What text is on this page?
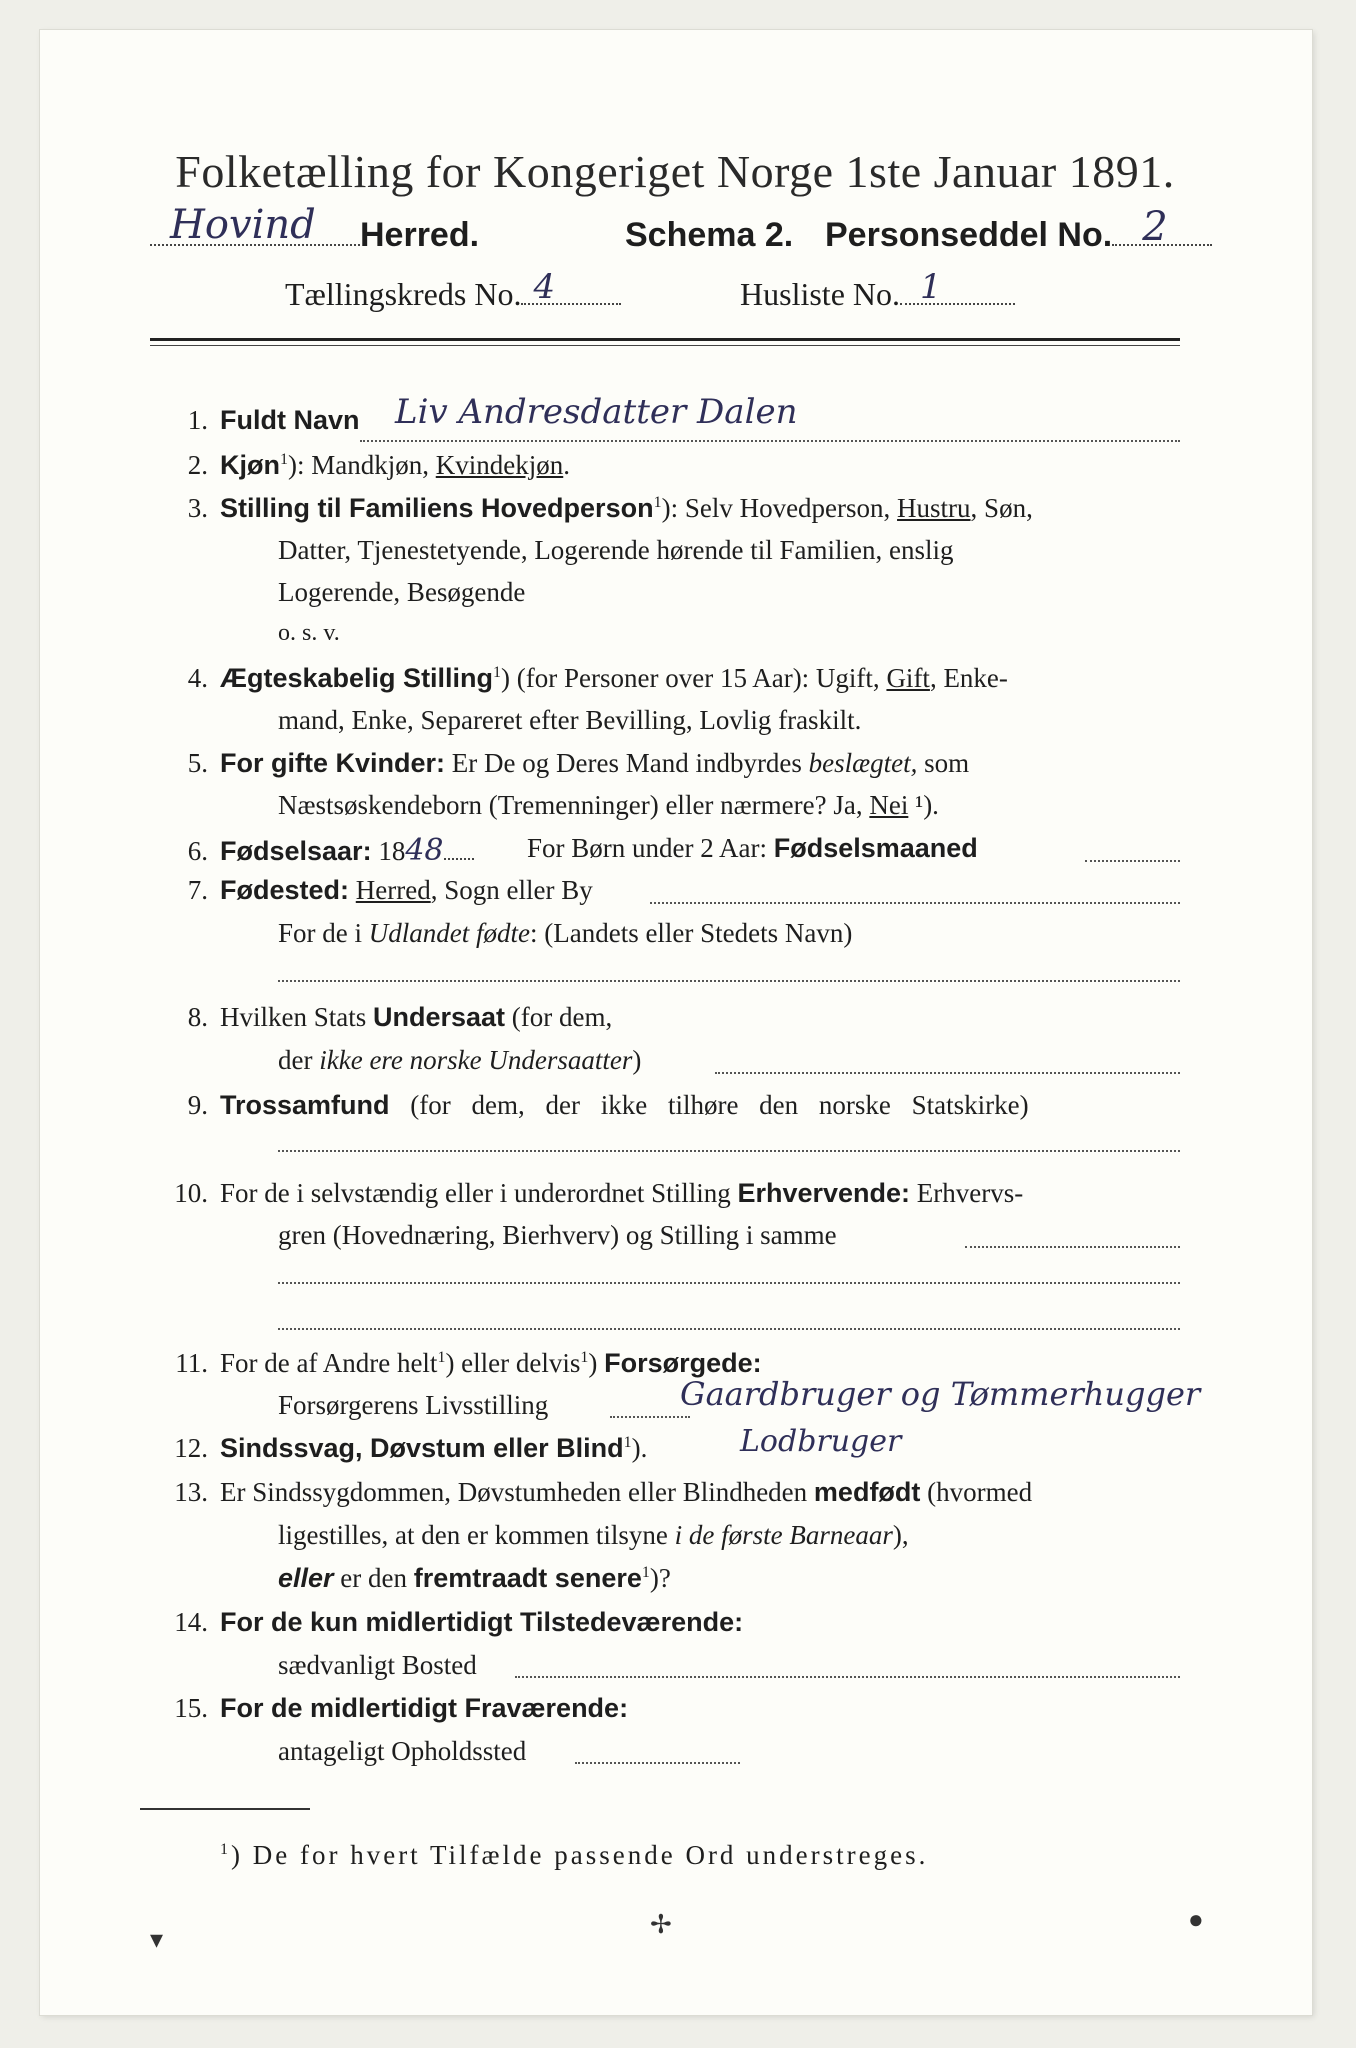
Folketælling for Kongeriget Norge 1ste Januar 1891.
Hovind Herred.	Schema 2. Personseddel No. 2
Tællingskreds No. 4	Husliste No. 1
1. Fuldt Navn Liv Andresdatter Dalen
2. Kjøn$^1$): Mandkjøn, Kvindekjøn.
3. Stilling til Familiens Hovedperson$^1$): Selv Hovedperson, Hustru, Søn,
Datter, Tjenestetyende, Logerende hørende til Familien, enslig
Logerende, Besøgende
o. s. v.
4. Ægteskabelig Stilling$^1$) (for Personer over 15 Aar): Ugift, Gift, Enke-
mand, Enke, Separeret efter Bevilling, Lovlig fraskilt.
5. For gifte Kvinder: Er De og Deres Mand indbyrdes beslægtet, som
Næstsøskendeborn (Tremenninger) eller nærmere? Ja, Nei ¹).
6. Fødselsaar: 1848	For Børn under 2 Aar: Fødselsmaaned
7. Fødested: Herred, Sogn eller By
For de i Udlandet fødte: (Landets eller Stedets Navn)
8. Hvilken Stats Undersaat (for dem,
der ikke ere norske Undersaatter)
9. Trossamfund (for dem, der ikke tilhøre den norske Statskirke)
10. For de i selvstændig eller i underordnet Stilling Erhvervende: Erhvervs-
gren (Hovednæring, Bierhverv) og Stilling i samme
11. For de af Andre helt$^1$) eller delvis$^1$) Forsørgede:
Forsørgerens Livsstilling	Gaardbruger og Tømmerhugger
12. Sindssvag, Døvstum eller Blind$^1$).	Lodbruger
13. Er Sindssygdommen, Døvstumheden eller Blindheden medfødt (hvormed
ligestilles, at den er kommen tilsyne i de første Barneaar),
eller er den fremtraadt senere$^1$)?
14. For de kun midlertidigt Tilstedeværende:
sædvanligt Bosted
15. For de midlertidigt Fraværende:
antageligt Opholdssted
$^1$) De for hvert Tilfælde passende Ord understreges.
▾
✢	●
